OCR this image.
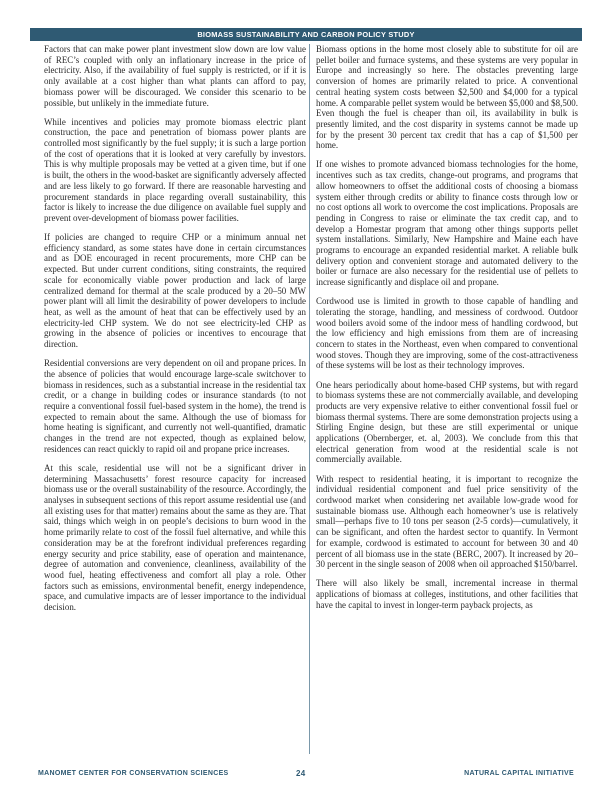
BIOMASS SUSTAINABILITY AND CARBON POLICY STUDY

Factors that can make power plant investment slow down are low value of REC’s coupled with only an inflationary increase in the price of electricity. Also, if the availability of fuel supply is restricted, or if it is only available at a cost higher than what plants can afford to pay, biomass power will be discouraged. We consider this scenario to be possible, but unlikely in the immediate future.

While incentives and policies may promote biomass electric plant construction, the pace and penetration of biomass power plants are controlled most significantly by the fuel supply; it is such a large portion of the cost of operations that it is looked at very carefully by investors. This is why multiple proposals may be vetted at a given time, but if one is built, the others in the wood-basket are significantly adversely affected and are less likely to go forward. If there are reasonable harvesting and procurement standards in place regarding overall sustainability, this factor is likely to increase the due diligence on available fuel supply and prevent over-development of biomass power facilities.

If policies are changed to require CHP or a minimum annual net efficiency standard, as some states have done in certain circumstances and as DOE encouraged in recent procurements, more CHP can be expected. But under current conditions, siting constraints, the required scale for economically viable power production and lack of large centralized demand for thermal at the scale produced by a 20–50 MW power plant will all limit the desirability of power developers to include heat, as well as the amount of heat that can be effectively used by an electricity-led CHP system. We do not see electricity-led CHP as growing in the absence of policies or incentives to encourage that direction.

Residential conversions are very dependent on oil and propane prices. In the absence of policies that would encourage large-scale switchover to biomass in residences, such as a substantial increase in the residential tax credit, or a change in building codes or insurance standards (to not require a conventional fossil fuel-based system in the home), the trend is expected to remain about the same. Although the use of biomass for home heating is significant, and currently not well-quantified, dramatic changes in the trend are not expected, though as explained below, residences can react quickly to rapid oil and propane price increases.

At this scale, residential use will not be a significant driver in determining Massachusetts’ forest resource capacity for increased biomass use or the overall sustainability of the resource. Accordingly, the analyses in subsequent sections of this report assume residential use (and all existing uses for that matter) remains about the same as they are. That said, things which weigh in on people’s decisions to burn wood in the home primarily relate to cost of the fossil fuel alternative, and while this consideration may be at the forefront individual preferences regarding energy security and price stability, ease of operation and maintenance, degree of automation and convenience, cleanliness, availability of the wood fuel, heating effectiveness and comfort all play a role. Other factors such as emissions, environmental benefit, energy independence, space, and cumulative impacts are of lesser importance to the individual decision.

Biomass options in the home most closely able to substitute for oil are pellet boiler and furnace systems, and these systems are very popular in Europe and increasingly so here. The obstacles preventing large conversion of homes are primarily related to price. A conventional central heating system costs between $2,500 and $4,000 for a typical home. A comparable pellet system would be between $5,000 and $8,500. Even though the fuel is cheaper than oil, its availability in bulk is presently limited, and the cost disparity in systems cannot be made up for by the present 30 percent tax credit that has a cap of $1,500 per home.

If one wishes to promote advanced biomass technologies for the home, incentives such as tax credits, change-out programs, and programs that allow homeowners to offset the additional costs of choosing a biomass system either through credits or ability to finance costs through low or no cost options all work to overcome the cost implications. Proposals are pending in Congress to raise or eliminate the tax credit cap, and to develop a Homestar program that among other things supports pellet system installations. Similarly, New Hampshire and Maine each have programs to encourage an expanded residential market. A reliable bulk delivery option and convenient storage and automated delivery to the boiler or furnace are also necessary for the residential use of pellets to increase significantly and displace oil and propane.

Cordwood use is limited in growth to those capable of handling and tolerating the storage, handling, and messiness of cordwood. Outdoor wood boilers avoid some of the indoor mess of handling cordwood, but the low efficiency and high emissions from them are of increasing concern to states in the Northeast, even when compared to conventional wood stoves. Though they are improving, some of the cost-attractiveness of these systems will be lost as their technology improves.

One hears periodically about home-based CHP systems, but with regard to biomass systems these are not commercially available, and developing products are very expensive relative to either conventional fossil fuel or biomass thermal systems. There are some demonstration projects using a Stirling Engine design, but these are still experimental or unique applications (Obernberger, et. al, 2003). We conclude from this that electrical generation from wood at the residential scale is not commercially available.

With respect to residential heating, it is important to recognize the individual residential component and fuel price sensitivity of the cordwood market when considering net available low-grade wood for sustainable biomass use. Although each homeowner’s use is relatively small—perhaps five to 10 tons per season (2-5 cords)—cumulatively, it can be significant, and often the hardest sector to quantify. In Vermont for example, cordwood is estimated to account for between 30 and 40 percent of all biomass use in the state (BERC, 2007). It increased by 20–30 percent in the single season of 2008 when oil approached $150/barrel.

There will also likely be small, incremental increase in thermal applications of biomass at colleges, institutions, and other facilities that have the capital to invest in longer-term payback projects, as

MANOMET CENTER FOR CONSERVATION SCIENCES	24	NATURAL CAPITAL INITIATIVE
